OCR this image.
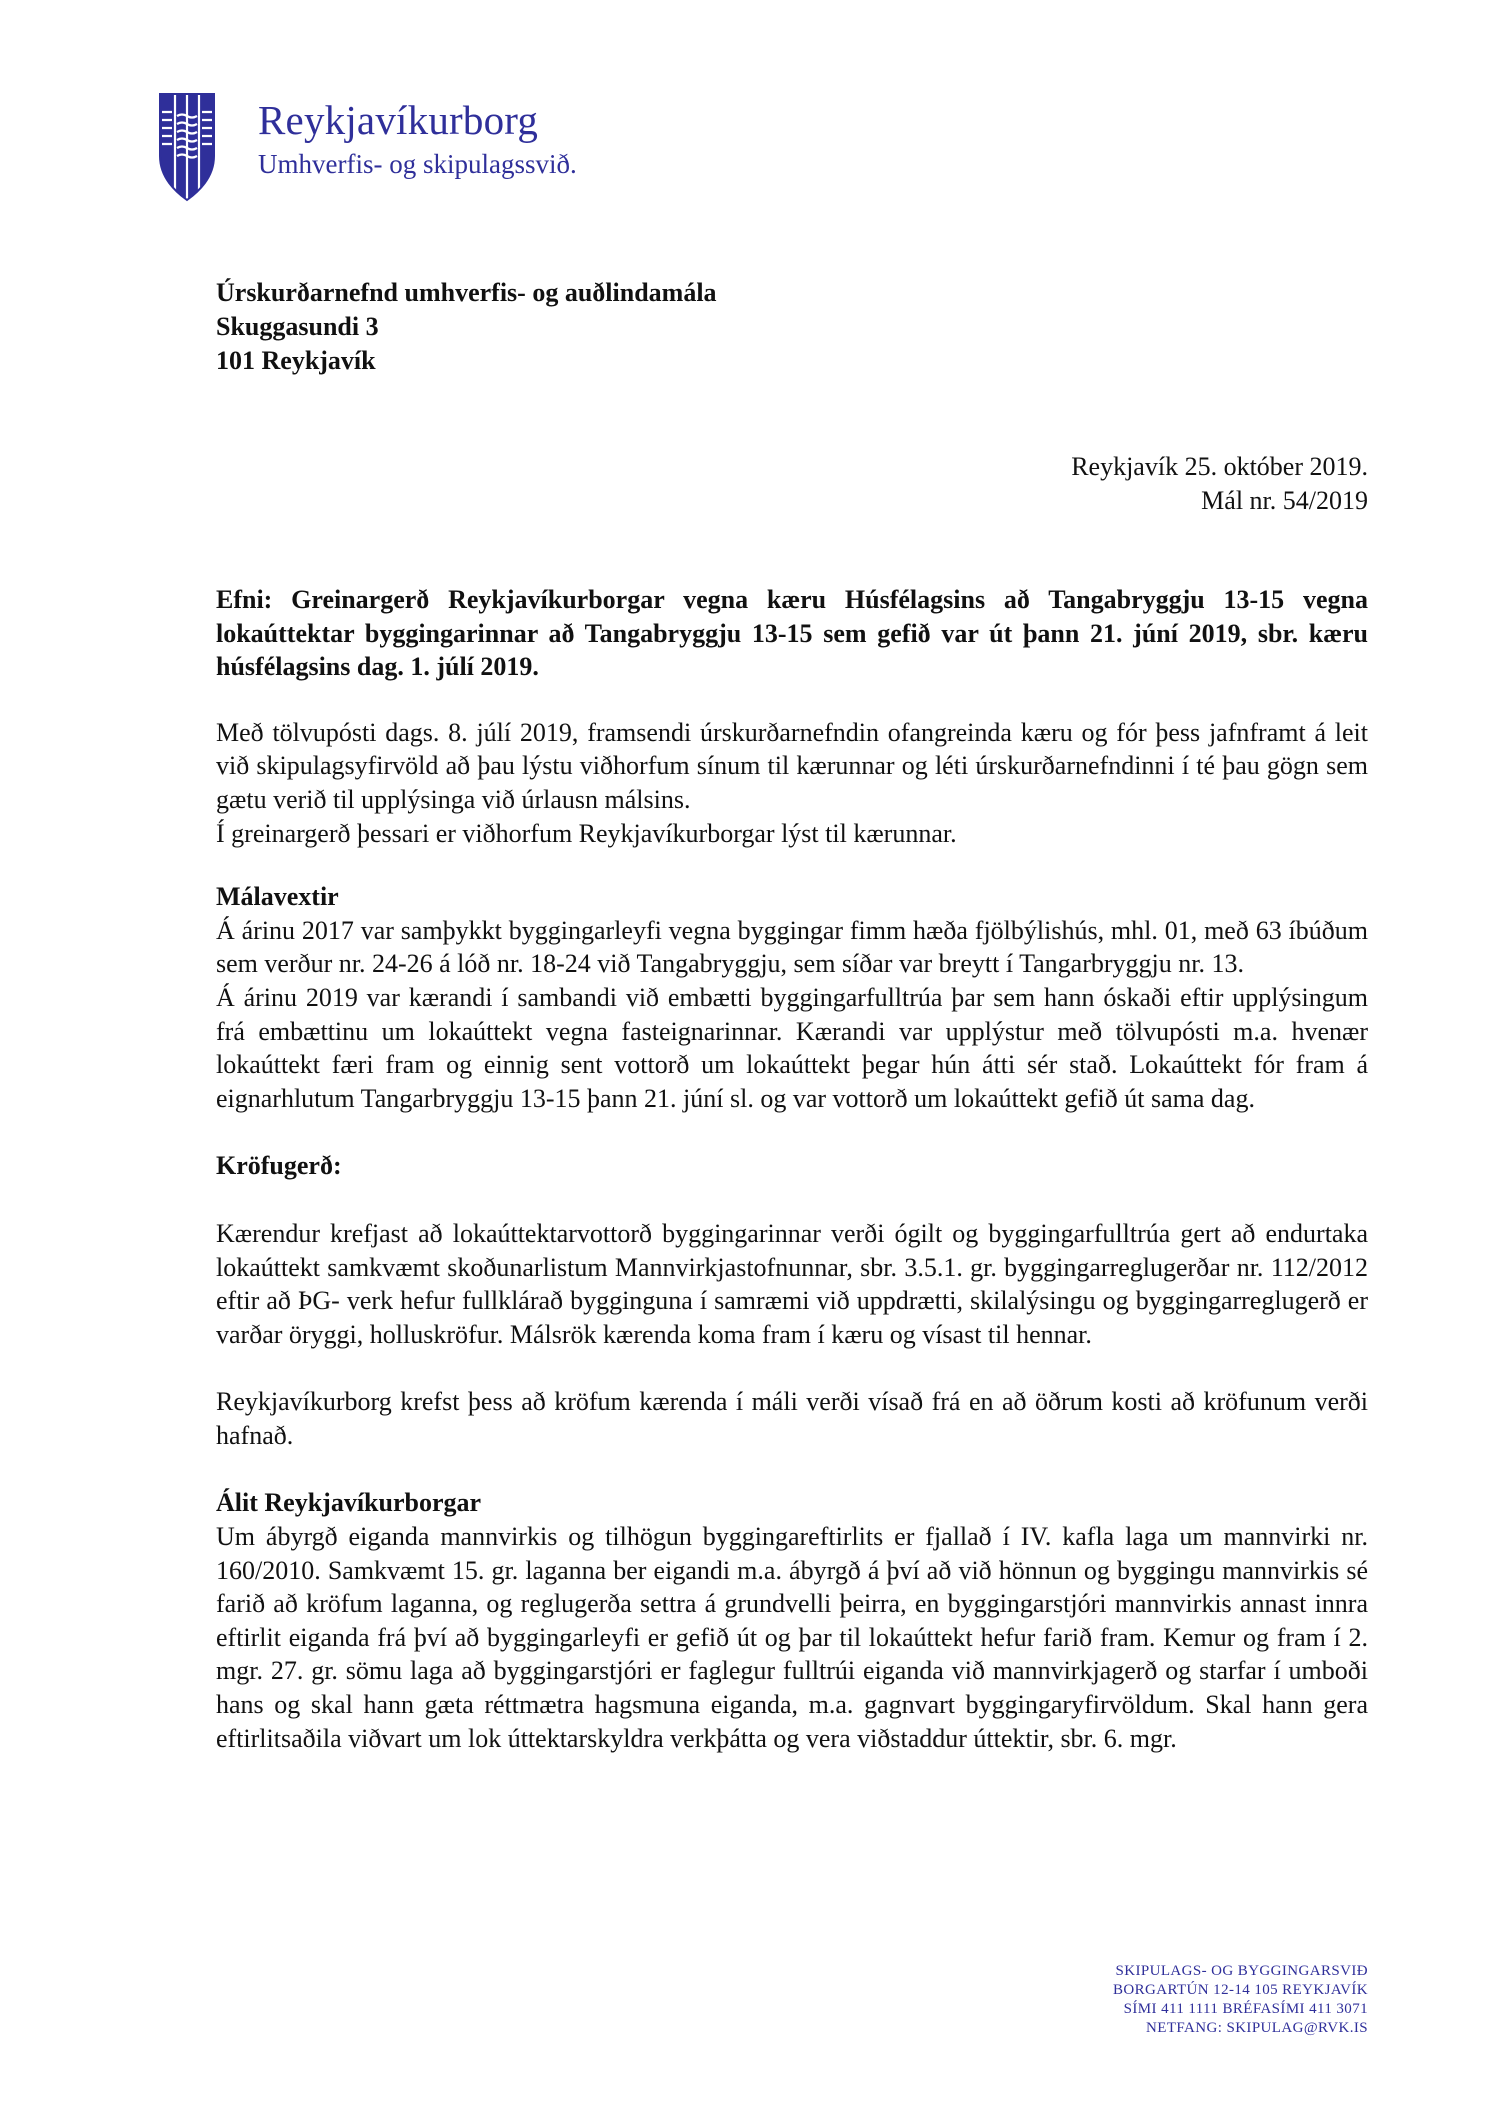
Reykjavíkurborg
Umhverfis- og skipulagssvið.
Úrskurðarnefnd umhverfis- og auðlindamála
Skuggasundi 3
101 Reykjavík
Reykjavík 25. október 2019.
Mál nr. 54/2019

Efni: Greinargerð Reykjavíkurborgar vegna kæru Húsfélagsins að Tangabryggju 13-15 vegna lokaúttektar byggingarinnar að Tangabryggju 13-15 sem gefið var út þann 21. júní 2019, sbr. kæru húsfélagsins dag. 1. júlí 2019.

Með tölvupósti dags. 8. júlí 2019, framsendi úrskurðarnefndin ofangreinda kæru og fór þess jafnframt á leit við skipulagsyfirvöld að þau lýstu viðhorfum sínum til kærunnar og léti úrskurðarnefndinni í té þau gögn sem gætu verið til upplýsinga við úrlausn málsins.

Í greinargerð þessari er viðhorfum Reykjavíkurborgar lýst til kærunnar.

Málavextir

Á árinu 2017 var samþykkt byggingarleyfi vegna byggingar fimm hæða fjölbýlishús, mhl. 01, með 63 íbúðum sem verður nr. 24-26 á lóð nr. 18-24 við Tangabryggju, sem síðar var breytt í Tangarbryggju nr. 13.

Á árinu 2019 var kærandi í sambandi við embætti byggingarfulltrúa þar sem hann óskaði eftir upplýsingum frá embættinu um lokaúttekt vegna fasteignarinnar. Kærandi var upplýstur með tölvupósti m.a. hvenær lokaúttekt færi fram og einnig sent vottorð um lokaúttekt þegar hún átti sér stað. Lokaúttekt fór fram á eignarhlutum Tangarbryggju 13-15 þann 21. júní sl. og var vottorð um lokaúttekt gefið út sama dag.

Kröfugerð:

Kærendur krefjast að lokaúttektarvottorð byggingarinnar verði ógilt og byggingarfulltrúa gert að endurtaka lokaúttekt samkvæmt skoðunarlistum Mannvirkjastofnunnar, sbr. 3.5.1. gr. byggingarreglugerðar nr. 112/2012 eftir að ÞG- verk hefur fullklárað bygginguna í samræmi við uppdrætti, skilalýsingu og byggingarreglugerð er varðar öryggi, holluskröfur. Málsrök kærenda koma fram í kæru og vísast til hennar.

Reykjavíkurborg krefst þess að kröfum kærenda í máli verði vísað frá en að öðrum kosti að kröfunum verði hafnað.

Álit Reykjavíkurborgar

Um ábyrgð eiganda mannvirkis og tilhögun byggingareftirlits er fjallað í IV. kafla laga um mannvirki nr. 160/2010. Samkvæmt 15. gr. laganna ber eigandi m.a. ábyrgð á því að við hönnun og byggingu mannvirkis sé farið að kröfum laganna, og reglugerða settra á grundvelli þeirra, en byggingarstjóri mannvirkis annast innra eftirlit eiganda frá því að byggingarleyfi er gefið út og þar til lokaúttekt hefur farið fram. Kemur og fram í 2. mgr. 27. gr. sömu laga að byggingarstjóri er faglegur fulltrúi eiganda við mannvirkjagerð og starfar í umboði hans og skal hann gæta réttmætra hagsmuna eiganda, m.a. gagnvart byggingaryfirvöldum. Skal hann gera eftirlitsaðila viðvart um lok úttektarskyldra verkþátta og vera viðstaddur úttektir, sbr. 6. mgr.

SKIPULAGS- OG BYGGINGARSVIÐ
BORGARTÚN 12-14 105 REYKJAVÍK
SÍMI 411 1111 BRÉFASÍMI 411 3071
NETFANG: SKIPULAG@RVK.IS
